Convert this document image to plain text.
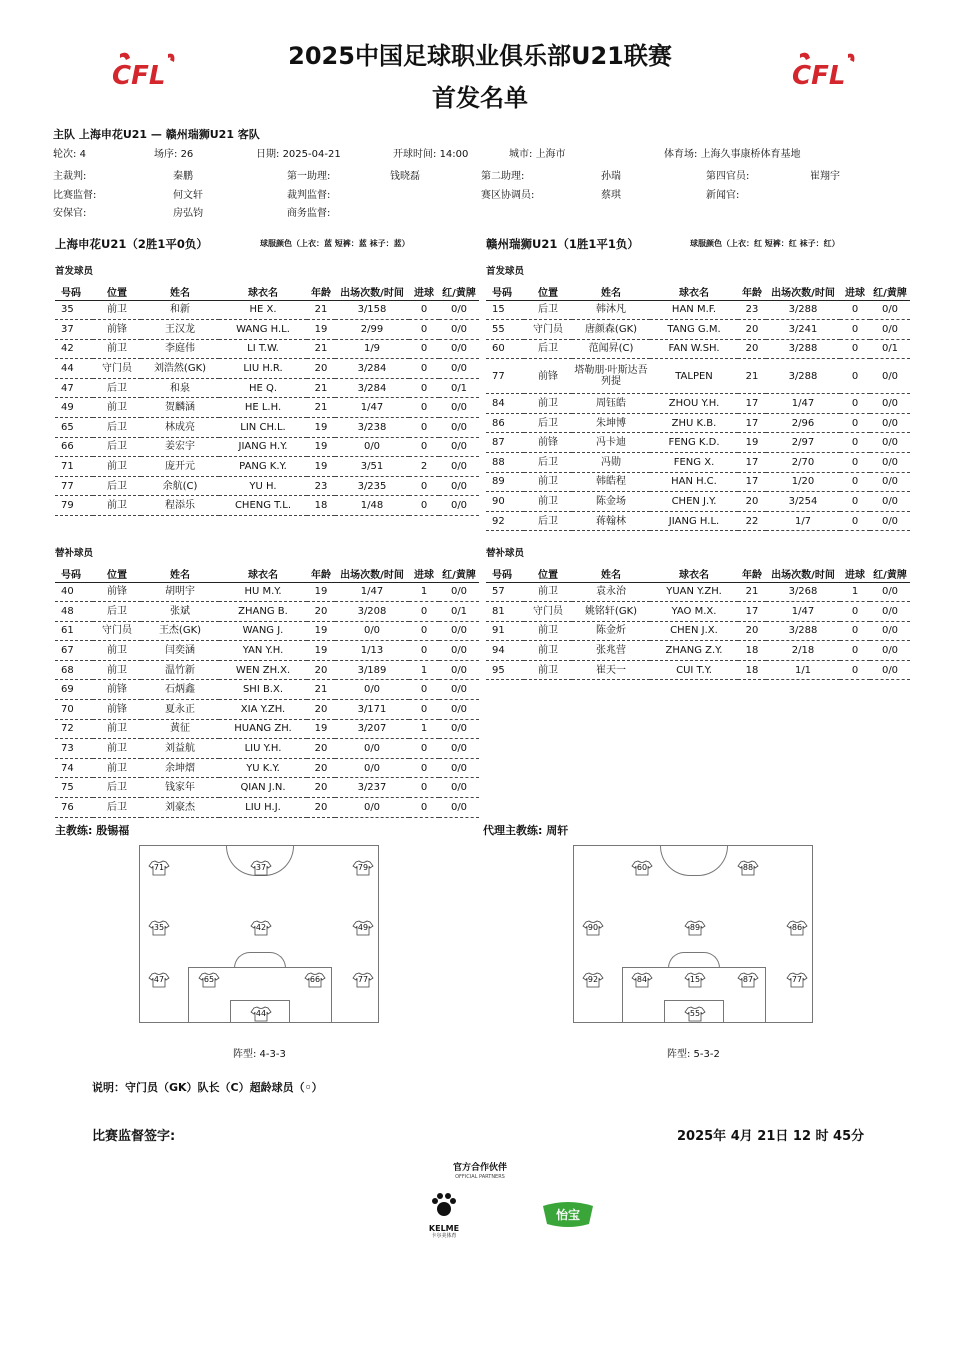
CFL	CFL
2025中国足球职业俱乐部U21联赛
首发名单
主队 上海申花U21 — 赣州瑞狮U21 客队
轮次: 4	场序: 26	日期: 2025-04-21	开球时间: 14:00	城市: 上海市	体育场: 上海久事康桥体育基地
主裁判:	秦鹏	第一助理:	钱晓磊	第二助理:	孙瑞	第四官员:	崔翔宇
比赛监督:	何文轩	裁判监督:	赛区协调员:	蔡琪	新闻官:
安保官:	房弘钧	商务监督:
上海申花U21（2胜1平0负）	球服颜色（上衣：蓝 短裤：蓝 袜子：蓝）	赣州瑞狮U21（1胜1平1负）	球服颜色（上衣：红 短裤：红 袜子：红）
首发球员	首发球员
替补球员	替补球员
号码	位置	姓名	球衣名	年龄	出场次数/时间	进球	红/黄牌
35	前卫	和新	HE X.	21	3/158	0	0/0
37	前锋	王汉龙	WANG H.L.	19	2/99	0	0/0
42	前卫	李庭伟	LI T.W.	21	1/9	0	0/0
44	守门员	刘浩然(GK)	LIU H.R.	20	3/284	0	0/0
47	后卫	和泉	HE Q.	21	3/284	0	0/1
49	前卫	贺麟涵	HE L.H.	21	1/47	0	0/0
65	后卫	林成亮	LIN CH.L.	19	3/238	0	0/0
66	后卫	姜宏宇	JIANG H.Y.	19	0/0	0	0/0
71	前卫	庞开元	PANG K.Y.	19	3/51	2	0/0
77	后卫	余航(C)	YU H.	23	3/235	0	0/0
79	前卫	程添乐	CHENG T.L.	18	1/48	0	0/0
号码	位置	姓名	球衣名	年龄	出场次数/时间	进球	红/黄牌
15	后卫	韩沐凡	HAN M.F.	23	3/288	0	0/0
55	守门员	唐颜森(GK)	TANG G.M.	20	3/241	0	0/0
60	后卫	范闻昇(C)	FAN W.SH.	20	3/288	0	0/1
77	前锋	塔勒朋·叶斯达吾列提	TALPEN	21	3/288	0	0/0
84	前卫	周钰皓	ZHOU Y.H.	17	1/47	0	0/0
86	后卫	朱坤博	ZHU K.B.	17	2/96	0	0/0
87	前锋	冯卡迪	FENG K.D.	19	2/97	0	0/0
88	后卫	冯勋	FENG X.	17	2/70	0	0/0
89	前卫	韩皓程	HAN H.C.	17	1/20	0	0/0
90	前卫	陈金场	CHEN J.Y.	20	3/254	0	0/0
92	后卫	蒋翰林	JIANG H.L.	22	1/7	0	0/0
号码	位置	姓名	球衣名	年龄	出场次数/时间	进球	红/黄牌
40	前锋	胡明宇	HU M.Y.	19	1/47	1	0/0
48	后卫	张斌	ZHANG B.	20	3/208	0	0/1
61	守门员	王杰(GK)	WANG J.	19	0/0	0	0/0
67	前卫	闫奕涵	YAN Y.H.	19	1/13	0	0/0
68	前卫	温竹新	WEN ZH.X.	20	3/189	1	0/0
69	前锋	石炳鑫	SHI B.X.	21	0/0	0	0/0
70	前锋	夏永正	XIA Y.ZH.	20	3/171	0	0/0
72	前卫	黄征	HUANG ZH.	19	3/207	1	0/0
73	前卫	刘益航	LIU Y.H.	20	0/0	0	0/0
74	前卫	余坤熠	YU K.Y.	20	0/0	0	0/0
75	后卫	钱家年	QIAN J.N.	20	3/237	0	0/0
76	后卫	刘豪杰	LIU H.J.	20	0/0	0	0/0
号码	位置	姓名	球衣名	年龄	出场次数/时间	进球	红/黄牌
57	前卫	袁永治	YUAN Y.ZH.	21	3/268	1	0/0
81	守门员	姚铭轩(GK)	YAO M.X.	17	1/47	0	0/0
91	前卫	陈金炘	CHEN J.X.	20	3/288	0	0/0
94	前卫	张兆营	ZHANG Z.Y.	18	2/18	0	0/0
95	前卫	崔天一	CUI T.Y.	18	1/1	0	0/0
主教练: 殷锡福	代理主教练: 周轩
71	37	79
35	42	49
47	65	66	77
44
60	88
90	89	86
92	84	15	87	77
55
阵型: 4-3-3	阵型: 5-3-2
说明：守门员（GK）队长（C）超龄球员（◦）
比赛监督签字:	2025年 4月 21日 12 时 45分
官方合作伙伴
OFFICIAL PARTNERS
KELME
卡尔美体育
怡宝
